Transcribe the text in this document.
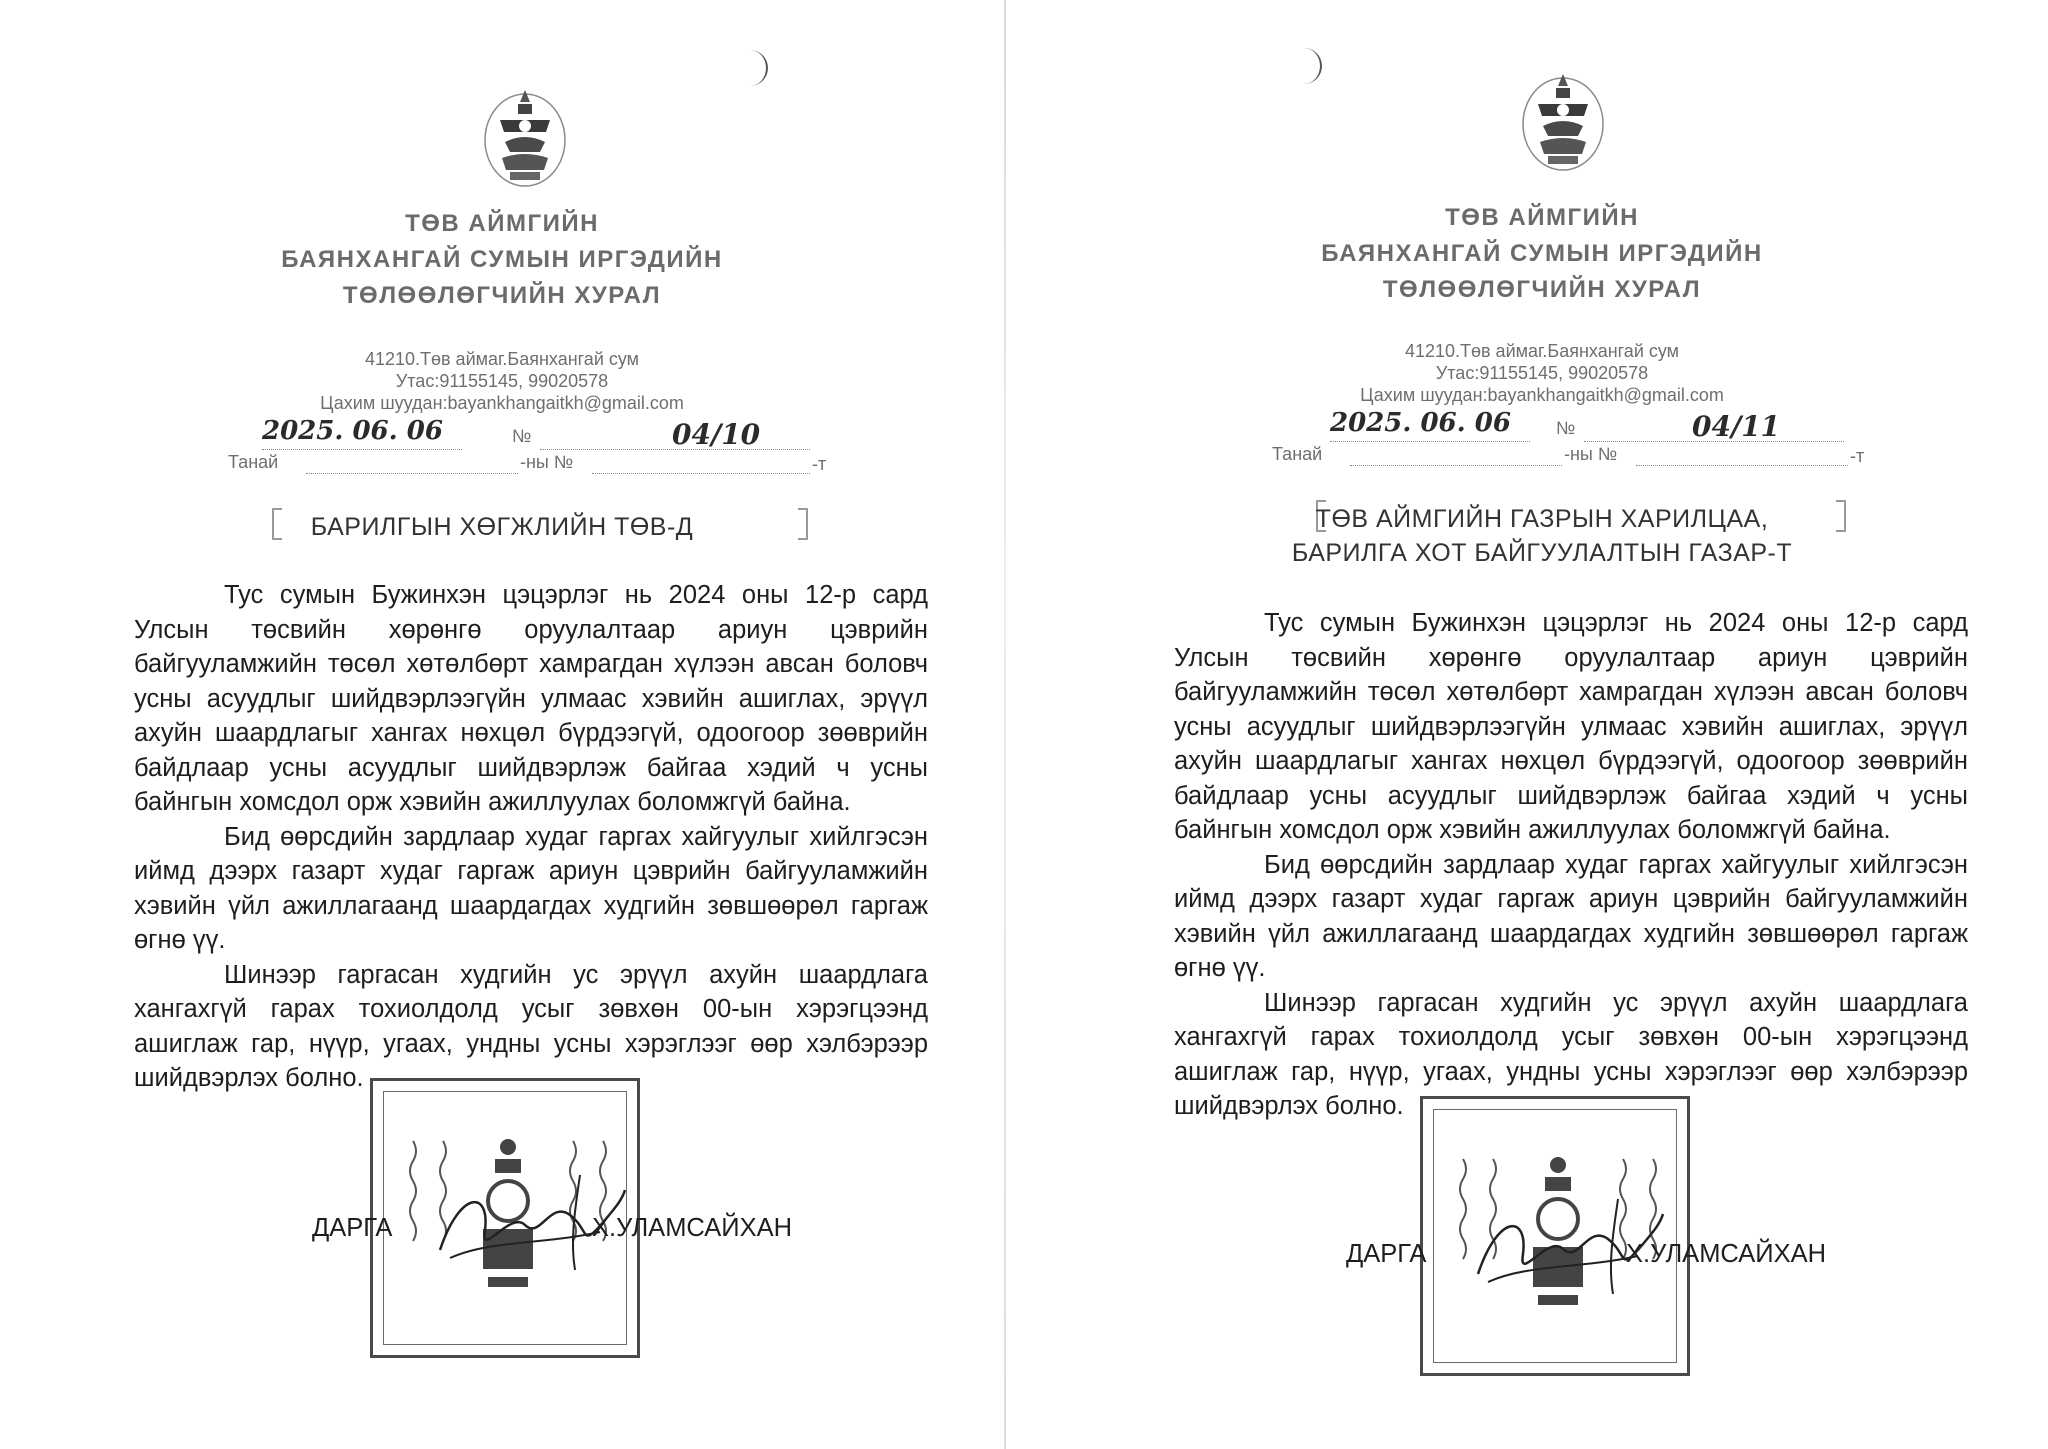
ТӨВ АЙМГИЙН
БАЯНХАНГАЙ СУМЫН ИРГЭДИЙН
ТӨЛӨӨЛӨГЧИЙН ХУРАЛ
41210.Төв аймаг.Баянхангай сум
Утас:91155145, 99020578
Цахим шуудан:bayankhangaitkh@gmail.com
2025. 06. 06	№	04/10
Танай	-ны №	-т
БАРИЛГЫН ХӨГЖЛИЙН ТӨВ-Д

Тус сумын Бужинхэн цэцэрлэг нь 2024 оны 12-р сард Улсын төсвийн хөрөнгө оруулалтаар ариун цэврийн байгууламжийн төсөл хөтөлбөрт хамрагдан хүлээн авсан боловч усны асуудлыг шийдвэрлээгүйн улмаас хэвийн ашиглах, эрүүл ахуйн шаардлагыг хангах нөхцөл бүрдээгүй, одоогоор зөөврийн байдлаар усны асуудлыг шийдвэрлэж байгаа хэдий ч усны байнгын хомсдол орж хэвийн ажиллуулах боломжгүй байна.

Бид өөрсдийн зардлаар худаг гаргах хайгуулыг хийлгэсэн иймд дээрх газарт худаг гаргаж ариун цэврийн байгууламжийн хэвийн үйл ажиллагаанд шаардагдах худгийн зөвшөөрөл гаргаж өгнө үү.

Шинээр гаргасан худгийн ус эрүүл ахуйн шаардлага хангахгүй гарах тохиолдолд усыг зөвхөн 00-ын хэрэгцээнд ашиглаж гар, нүүр, угаах, ундны усны хэрэглээг өөр хэлбэрээр шийдвэрлэх болно.

ДАРГА	Х.УЛАМСАЙХАН
ТӨВ АЙМГИЙН
БАЯНХАНГАЙ СУМЫН ИРГЭДИЙН
ТӨЛӨӨЛӨГЧИЙН ХУРАЛ
41210.Төв аймаг.Баянхангай сум
Утас:91155145, 99020578
Цахим шуудан:bayankhangaitkh@gmail.com
2025. 06. 06	№	04/11
Танай	-ны №	-т
ТӨВ АЙМГИЙН ГАЗРЫН ХАРИЛЦАА,
БАРИЛГА ХОТ БАЙГУУЛАЛТЫН ГАЗАР-Т

Тус сумын Бужинхэн цэцэрлэг нь 2024 оны 12-р сард Улсын төсвийн хөрөнгө оруулалтаар ариун цэврийн байгууламжийн төсөл хөтөлбөрт хамрагдан хүлээн авсан боловч усны асуудлыг шийдвэрлээгүйн улмаас хэвийн ашиглах, эрүүл ахуйн шаардлагыг хангах нөхцөл бүрдээгүй, одоогоор зөөврийн байдлаар усны асуудлыг шийдвэрлэж байгаа хэдий ч усны байнгын хомсдол орж хэвийн ажиллуулах боломжгүй байна.

Бид өөрсдийн зардлаар худаг гаргах хайгуулыг хийлгэсэн иймд дээрх газарт худаг гаргаж ариун цэврийн байгууламжийн хэвийн үйл ажиллагаанд шаардагдах худгийн зөвшөөрөл гаргаж өгнө үү.

Шинээр гаргасан худгийн ус эрүүл ахуйн шаардлага хангахгүй гарах тохиолдолд усыг зөвхөн 00-ын хэрэгцээнд ашиглаж гар, нүүр, угаах, ундны усны хэрэглээг өөр хэлбэрээр шийдвэрлэх болно.

ДАРГА	Х.УЛАМСАЙХАН
